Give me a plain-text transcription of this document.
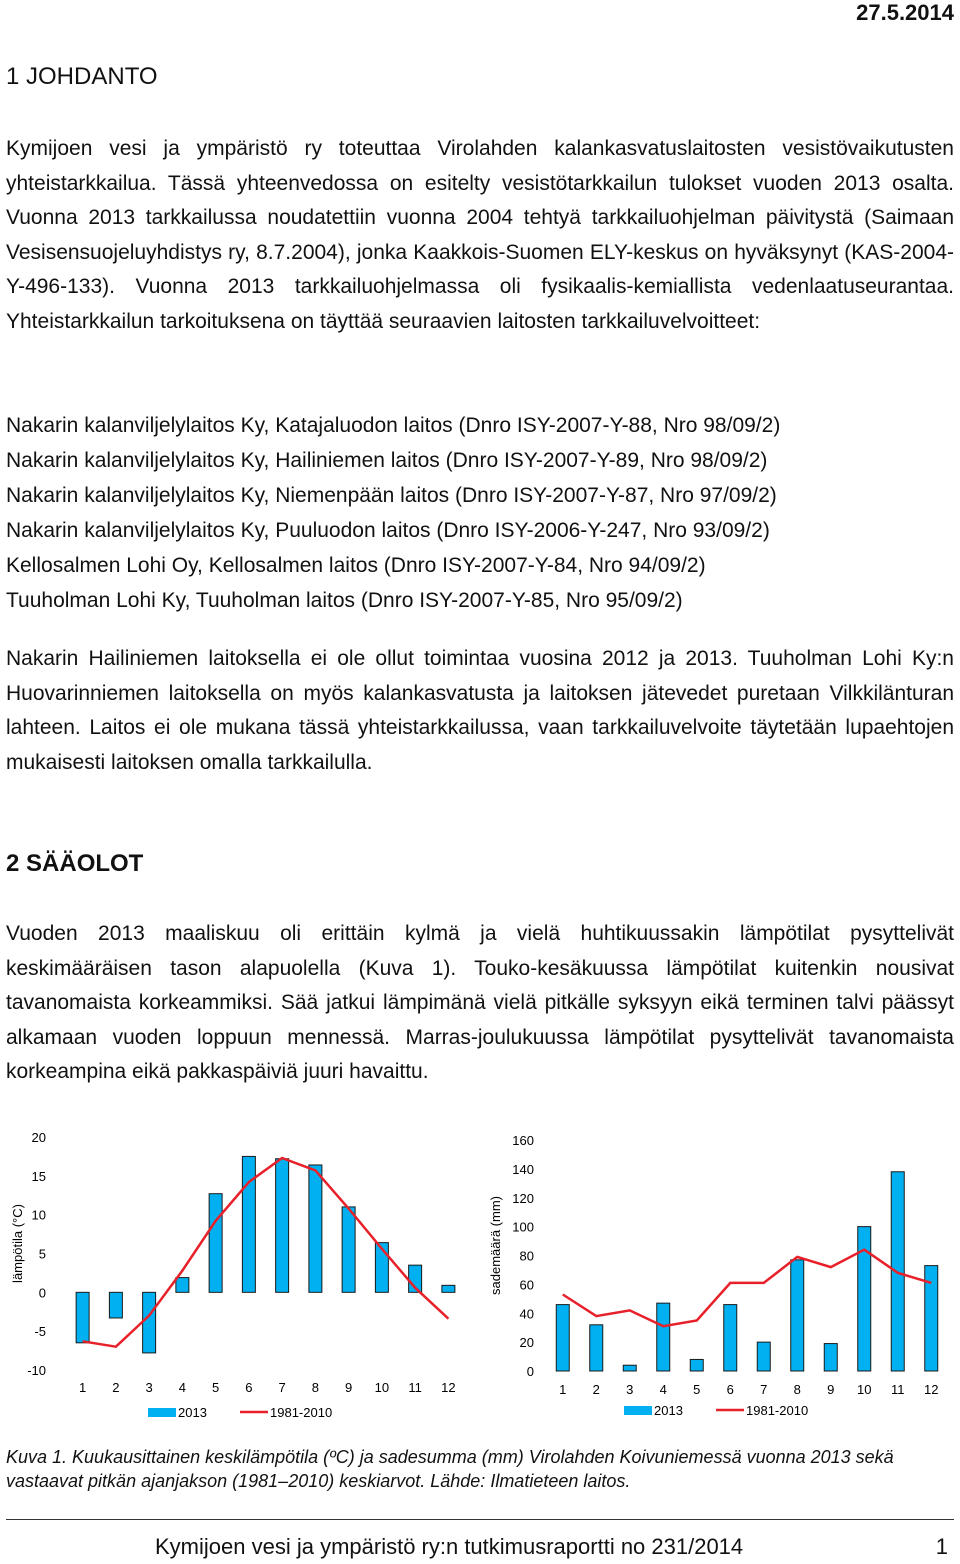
27.5.2014
1 JOHDANTO

Kymijoen vesi ja ympäristö ry toteuttaa Virolahden kalankasvatuslaitosten vesistövaikutusten yhteistarkkailua. Tässä yhteenvedossa on esitelty vesistötarkkailun tulokset vuoden 2013 osalta. Vuonna 2013 tarkkailussa noudatettiin vuonna 2004 tehtyä tarkkailuohjelman päivitystä (Saimaan Vesisensuojeluyhdistys ry, 8.7.2004), jonka Kaakkois-Suomen ELY-keskus on hyväksynyt (KAS-2004-Y-496-133). Vuonna 2013 tarkkailuohjelmassa oli fysikaalis-kemiallista vedenlaatuseurantaa. Yhteistarkkailun tarkoituksena on täyttää seuraavien laitosten tarkkailuvelvoitteet:

Nakarin kalanviljelylaitos Ky, Katajaluodon laitos (Dnro ISY-2007-Y-88, Nro 98/09/2)
Nakarin kalanviljelylaitos Ky, Hailiniemen laitos (Dnro ISY-2007-Y-89, Nro 98/09/2)
Nakarin kalanviljelylaitos Ky, Niemenpään laitos (Dnro ISY-2007-Y-87, Nro 97/09/2)
Nakarin kalanviljelylaitos Ky, Puuluodon laitos (Dnro ISY-2006-Y-247, Nro 93/09/2)
Kellosalmen Lohi Oy, Kellosalmen laitos (Dnro ISY-2007-Y-84, Nro 94/09/2)
Tuuholman Lohi Ky, Tuuholman laitos (Dnro ISY-2007-Y-85, Nro 95/09/2)

Nakarin Hailiniemen laitoksella ei ole ollut toimintaa vuosina 2012 ja 2013. Tuuholman Lohi Ky:n Huovarinniemen laitoksella on myös kalankasvatusta ja laitoksen jätevedet puretaan Vilkkilänturan lahteen. Laitos ei ole mukana tässä yhteistarkkailussa, vaan tarkkailuvelvoite täytetään lupaehtojen mukaisesti laitoksen omalla tarkkailulla.

2 SÄÄOLOT

Vuoden 2013 maaliskuu oli erittäin kylmä ja vielä huhtikuussakin lämpötilat pysyttelivät keskimääräisen tason alapuolella (Kuva 1). Touko-kesäkuussa lämpötilat kuitenkin nousivat tavanomaista korkeammiksi. Sää jatkui lämpimänä vielä pitkälle syksyyn eikä terminen talvi päässyt alkamaan vuoden loppuun mennessä. Marras-joulukuussa lämpötilat pysyttelivät tavanomaista korkeampina eikä pakkaspäiviä juuri havaittu.

lämpötila (°C)
20
15
10
5
0
-5
-10
1 2 3 4 5 6 7 8 9 10 11 12
2013	1981-2010
sademäärä (mm)
160
140
120
100
80
60
40
20
0
1 2 3 4 5 6 7 8 9 10 11 12
2013	1981-2010

Kuva 1. Kuukausittainen keskilämpötila (ºC) ja sadesumma (mm) Virolahden Koivuniemessä vuonna 2013 sekä vastaavat pitkän ajanjakson (1981–2010) keskiarvot. Lähde: Ilmatieteen laitos.

Kymijoen vesi ja ympäristö ry:n tutkimusraportti no 231/2014	1
